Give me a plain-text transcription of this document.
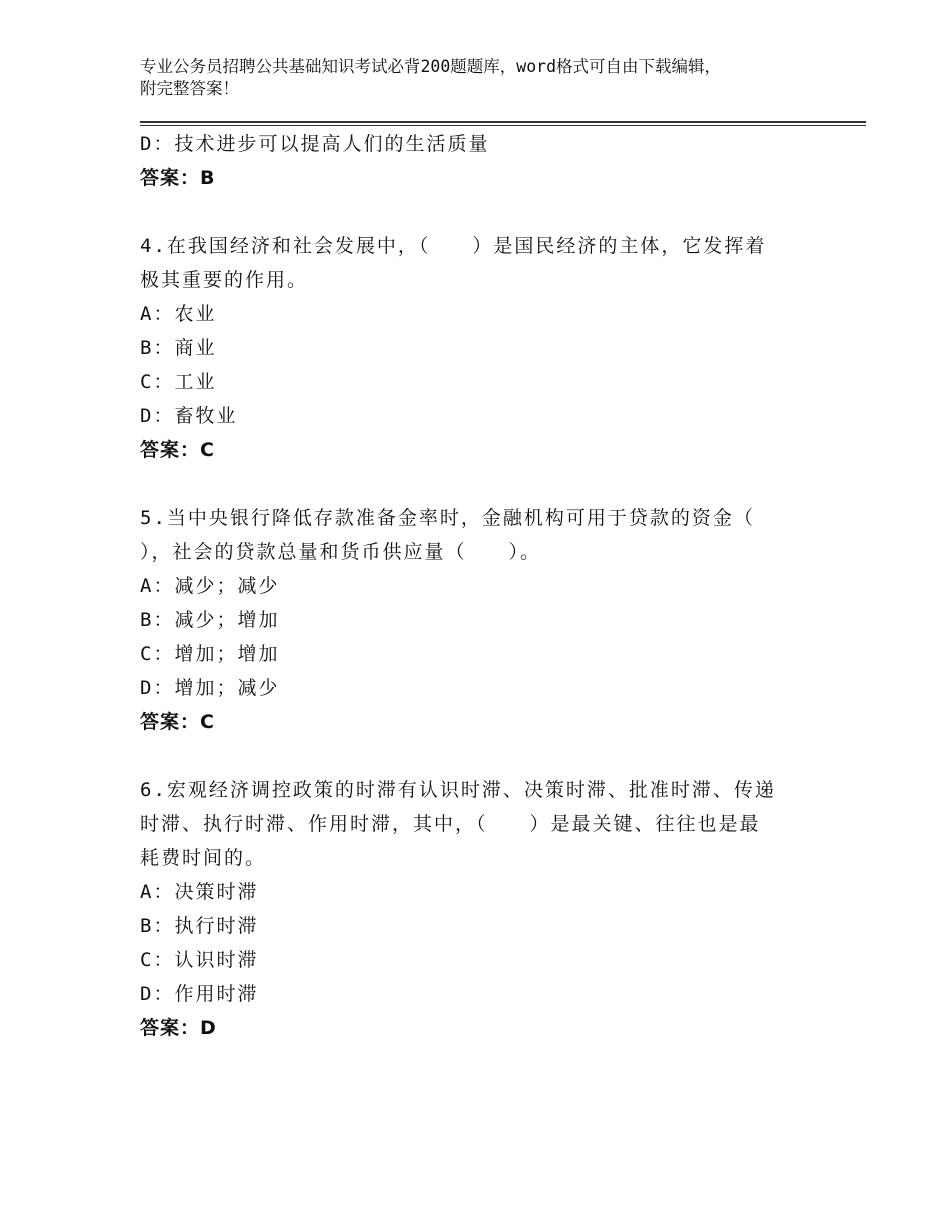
专业公务员招聘公共基础知识考试必背200题题库，word格式可自由下载编辑，
附完整答案！
D：技术进步可以提高人们的生活质量
答案：B
4.在我国经济和社会发展中，（　　）是国民经济的主体，它发挥着
极其重要的作用。
A：农业
B：商业
C：工业
D：畜牧业
答案：C
5.当中央银行降低存款准备金率时，金融机构可用于贷款的资金（
），社会的贷款总量和货币供应量（　　）。
A：减少；减少
B：减少；增加
C：增加；增加
D：增加；减少
答案：C
6.宏观经济调控政策的时滞有认识时滞、决策时滞、批准时滞、传递
时滞、执行时滞、作用时滞，其中，（　　）是最关键、往往也是最
耗费时间的。
A：决策时滞
B：执行时滞
C：认识时滞
D：作用时滞
答案：D
